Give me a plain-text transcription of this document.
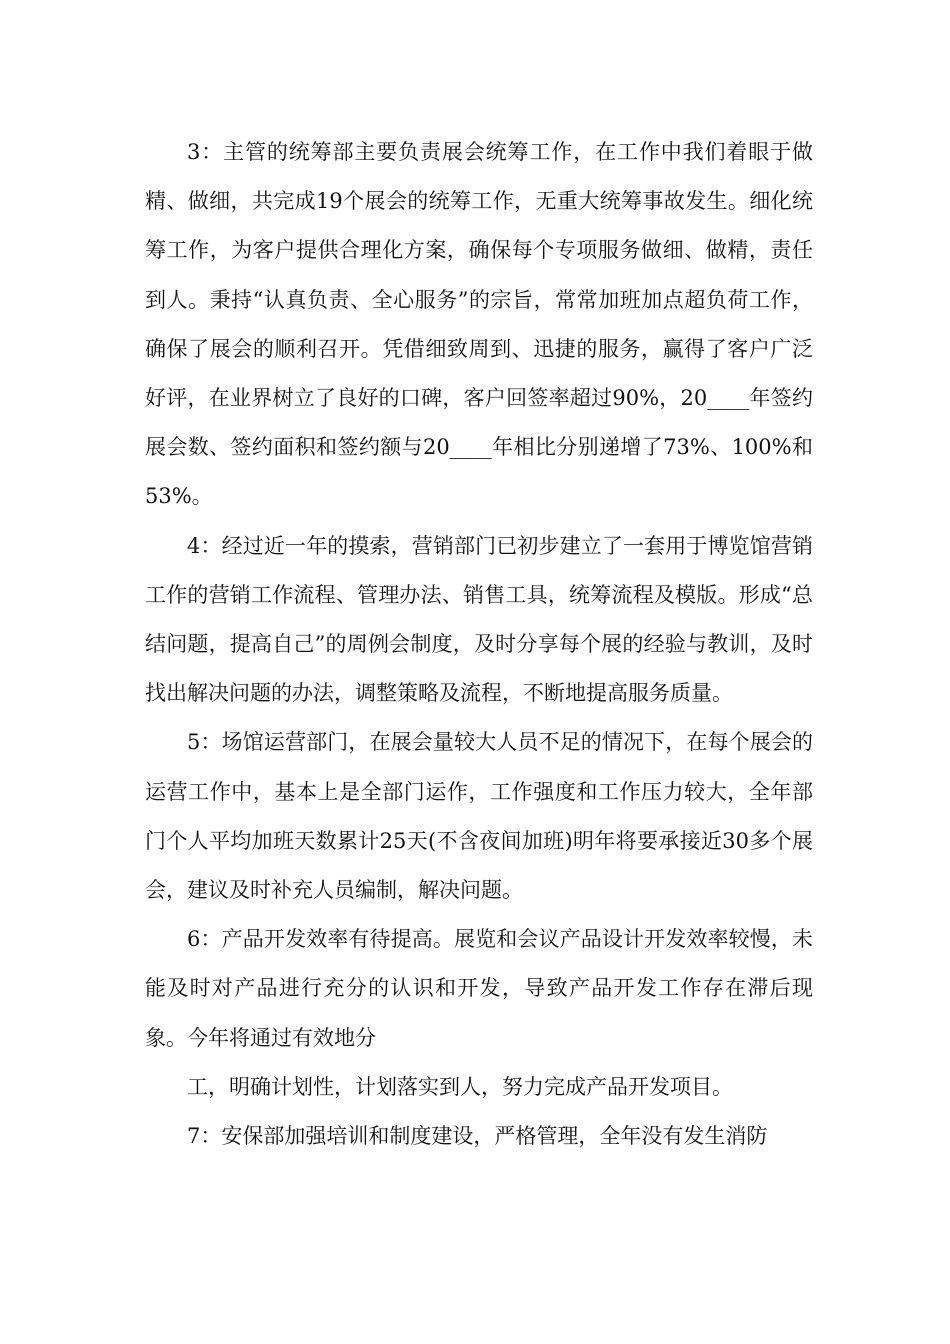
3：主管的统筹部主要负责展会统筹工作，在工作中我们着眼于做精、做细，共完成19个展会的统筹工作，无重大统筹事故发生。细化统筹工作，为客户提供合理化方案，确保每个专项服务做细、做精，责任到人。秉持“认真负责、全心服务”的宗旨，常常加班加点超负荷工作，确保了展会的顺利召开。凭借细致周到、迅捷的服务，赢得了客户广泛好评，在业界树立了良好的口碑，客户回签率超过90%，20____年签约展会数、签约面积和签约额与20____年相比分别递增了73%、100%和53%。

4：经过近一年的摸索，营销部门已初步建立了一套用于博览馆营销工作的营销工作流程、管理办法、销售工具，统筹流程及模版。形成“总结问题，提高自己”的周例会制度，及时分享每个展的经验与教训，及时找出解决问题的办法，调整策略及流程，不断地提高服务质量。

5：场馆运营部门，在展会量较大人员不足的情况下，在每个展会的运营工作中，基本上是全部门运作，工作强度和工作压力较大，全年部门个人平均加班天数累计25天(不含夜间加班)明年将要承接近30多个展会，建议及时补充人员编制，解决问题。

6：产品开发效率有待提高。展览和会议产品设计开发效率较慢，未能及时对产品进行充分的认识和开发，导致产品开发工作存在滞后现象。今年将通过有效地分

工，明确计划性，计划落实到人，努力完成产品开发项目。

7：安保部加强培训和制度建设，严格管理，全年没有发生消防
